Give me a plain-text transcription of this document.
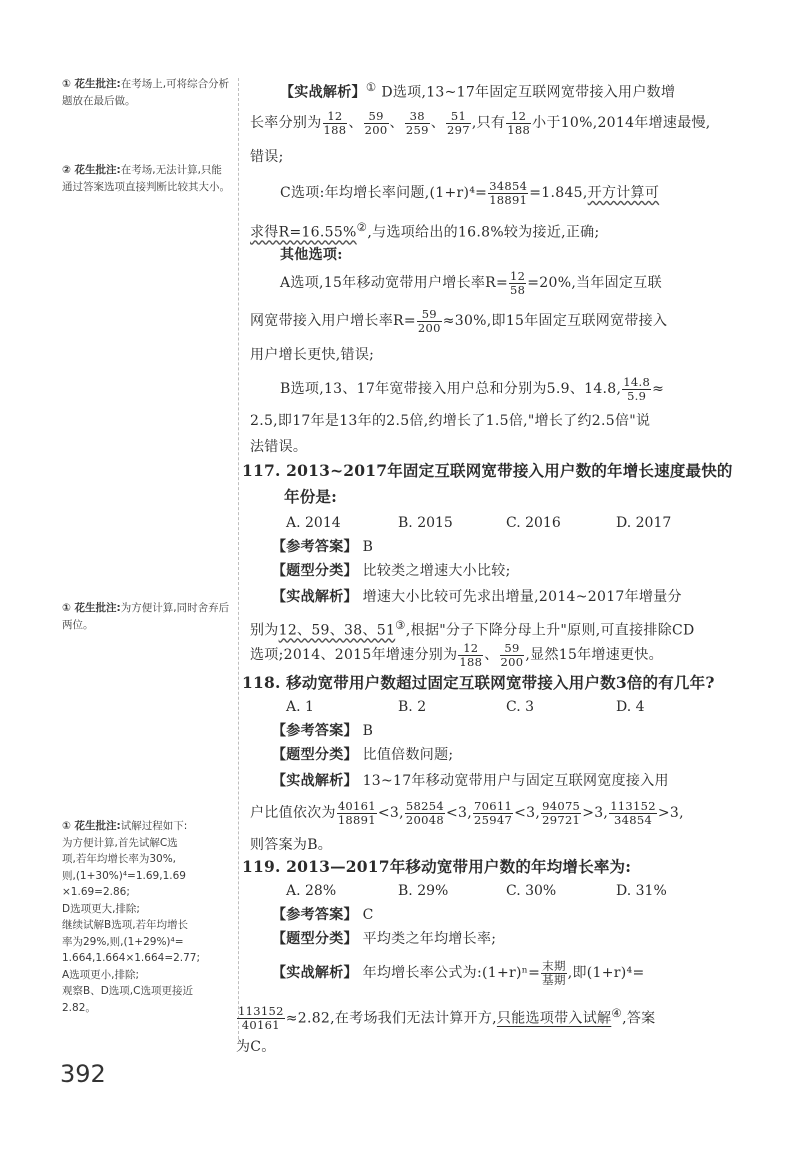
① 花生批注:在考场上,可将综合分析题放在最后做。
② 花生批注:在考场,无法计算,只能通过答案选项直接判断比较其大小。
① 花生批注:为方便计算,同时舍弃后两位。
① 花生批注:试解过程如下:
为方便计算,首先试解C选
项,若年均增长率为30%,
则,(1+30%)⁴=1.69,1.69
×1.69=2.86;
D选项更大,排除;
继续试解B选项,若年均增长
率为29%,则,(1+29%)⁴=
1.664,1.664×1.664=2.77;
A选项更小,排除;
观察B、D选项,C选项更接近
2.82。
【实战解析】① D选项,13~17年固定互联网宽带接入用户数增
长率分别为 $\frac{12}{188}$ 、 $\frac{59}{200}$ 、 $\frac{38}{259}$ 、 $\frac{51}{297}$ ,只有 $\frac{12}{188}$ 小于10%,2014年增速最慢,
错误;
C选项:年均增长率问题$,(1+r)^4= \frac{34854}{18891} =1.845$,开方计算可
求得R=16.55%②,与选项给出的16.8%较为接近,正确;
其他选项:
A选项,15年移动宽带用户增长率$R= \frac{12}{58} =20\%$,当年固定互联
网宽带接入用户增长率$R= \frac{59}{200} \approx 30\%$,即15年固定互联网宽带接入
用户增长更快,错误;
B选项,13、17年宽带接入用户总和分别为5.9、14.8, $\frac{14.8}{5.9}$ ≈
2.5,即17年是13年的2.5倍,约增长了1.5倍,"增长了约2.5倍"说
法错误。
117. 2013~2017年固定互联网宽带接入用户数的年增长速度最快的
年份是:
A. 2014	B. 2015	C. 2016	D. 2017
【参考答案】 B
【题型分类】 比较类之增速大小比较;
【实战解析】 增速大小比较可先求出增量,2014~2017年增量分
别为12、59、38、51③,根据"分子下降分母上升"原则,可直接排除CD
选项;2014、2015年增速分别为 $\frac{12}{188}$ 、 $\frac{59}{200}$ ,显然15年增速更快。
118. 移动宽带用户数超过固定互联网宽带接入用户数3倍的有几年?
A. 1	B. 2	C. 3	D. 4
【参考答案】 B
【题型分类】 比值倍数问题;
【实战解析】 13~17年移动宽带用户与固定互联网宽度接入用
户比值依次为 $\frac{40161}{18891} <3$, $\frac{58254}{20048} <3$, $\frac{70611}{25947} <3$, $\frac{94075}{29721} >3$, $\frac{113152}{34854} >3$,
则答案为B。
119. 2013—2017年移动宽带用户数的年均增长率为:
A. 28%	B. 29%	C. 30%	D. 31%
【参考答案】 C
【题型分类】 平均类之年均增长率;
【实战解析】 年均增长率公式为:(1+r)ⁿ= $\frac{\text{末期}}{\text{基期}}$ ,即(1+r)⁴=
$\frac{113152}{40161} \approx 2.82$,在考场我们无法计算开方,只能选项带入试解④,答案
为C。
392
